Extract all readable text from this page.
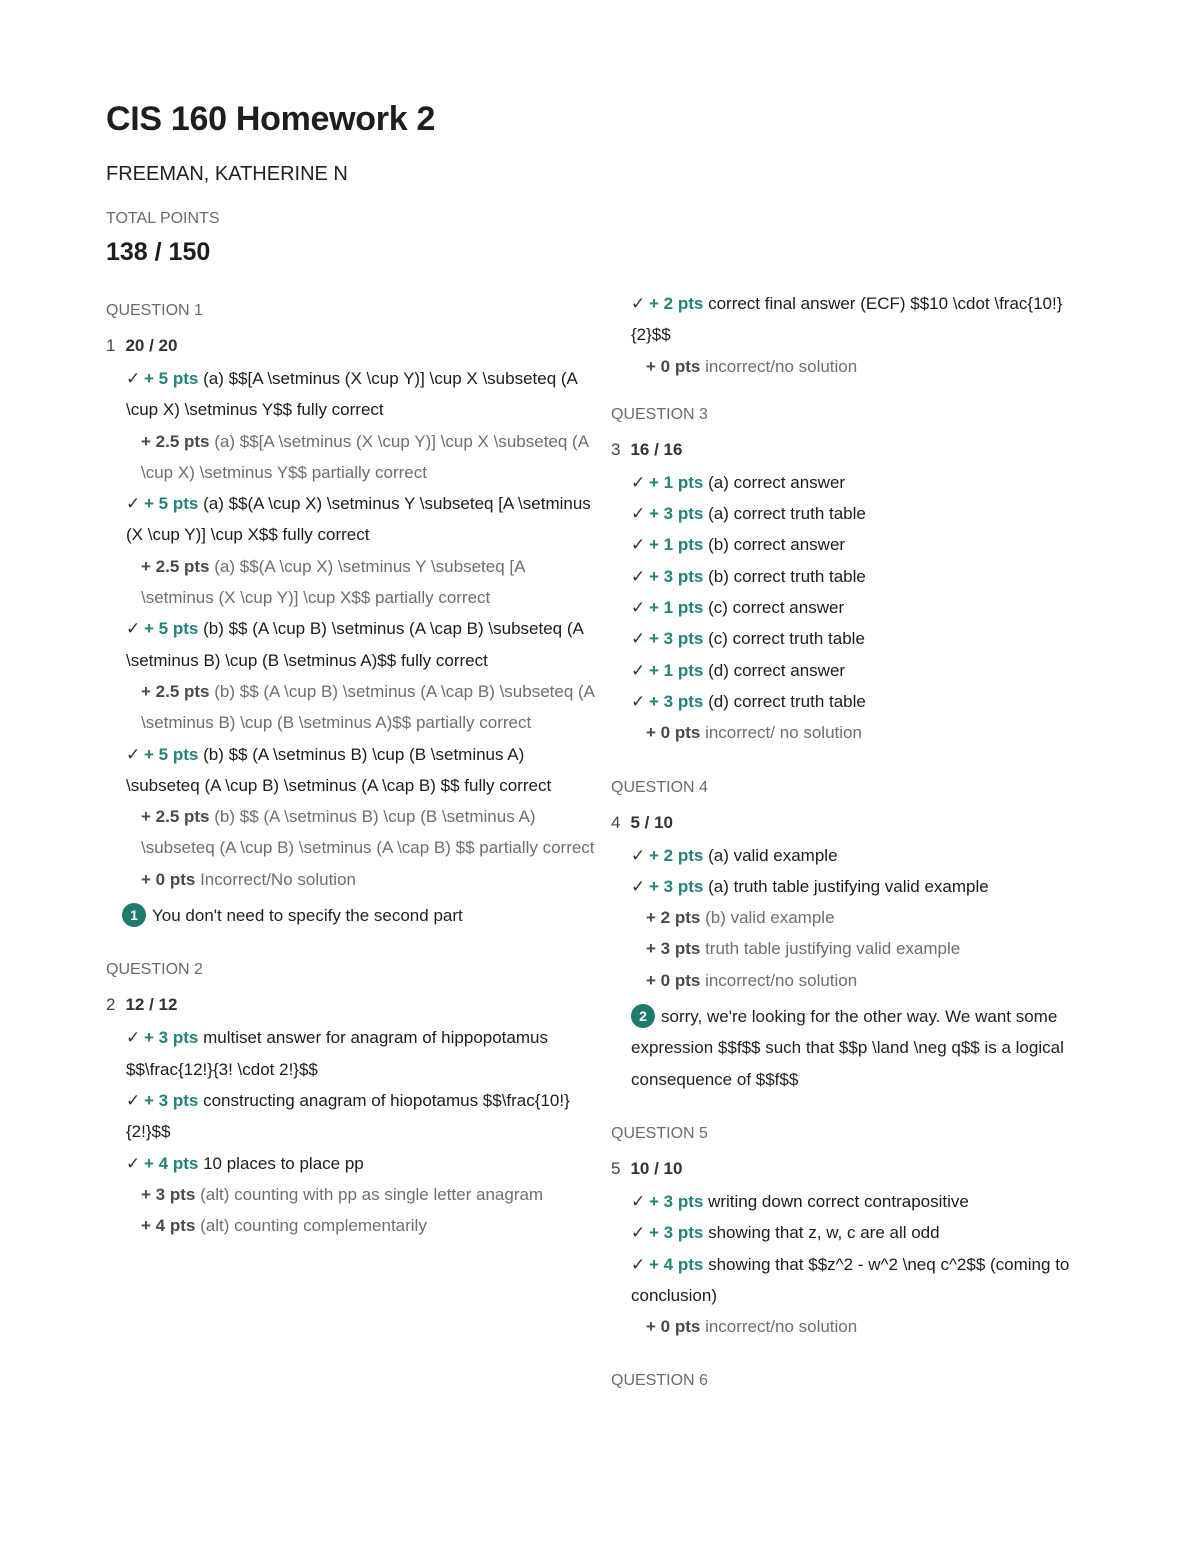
CIS 160 Homework 2
FREEMAN, KATHERINE N
TOTAL POINTS
138 / 150
QUESTION 1
1 20 / 20
✓ + 5 pts (a) $$[A \setminus (X \cup Y)] \cup X \subseteq (A \cup X) \setminus Y$$ fully correct
+ 2.5 pts (a) $$[A \setminus (X \cup Y)] \cup X \subseteq (A \cup X) \setminus Y$$ partially correct
✓ + 5 pts (a) $$(A \cup X) \setminus Y \subseteq [A \setminus (X \cup Y)] \cup X$$ fully correct
+ 2.5 pts (a) $$(A \cup X) \setminus Y \subseteq [A \setminus (X \cup Y)] \cup X$$ partially correct
✓ + 5 pts (b) $$ (A \cup B) \setminus (A \cap B) \subseteq (A \setminus B) \cup (B \setminus A)$$ fully correct
+ 2.5 pts (b) $$ (A \cup B) \setminus (A \cap B) \subseteq (A \setminus B) \cup (B \setminus A)$$ partially correct
✓ + 5 pts (b) $$ (A \setminus B) \cup (B \setminus A) \subseteq (A \cup B) \setminus (A \cap B) $$ fully correct
+ 2.5 pts (b) $$ (A \setminus B) \cup (B \setminus A) \subseteq (A \cup B) \setminus (A \cap B) $$ partially correct
+ 0 pts Incorrect/No solution
1 You don't need to specify the second part
QUESTION 2
2 12 / 12
✓ + 3 pts multiset answer for anagram of hippopotamus $$\frac{12!}{3! \cdot 2!}$$
✓ + 3 pts constructing anagram of hiopotamus $$\frac{10!}{2!}$$
✓ + 4 pts 10 places to place pp
+ 3 pts (alt) counting with pp as single letter anagram
+ 4 pts (alt) counting complementarily
✓ + 2 pts correct final answer (ECF) $$10 \cdot \frac{10!}{2}$$
+ 0 pts incorrect/no solution
QUESTION 3
3 16 / 16
✓ + 1 pts (a) correct answer
✓ + 3 pts (a) correct truth table
✓ + 1 pts (b) correct answer
✓ + 3 pts (b) correct truth table
✓ + 1 pts (c) correct answer
✓ + 3 pts (c) correct truth table
✓ + 1 pts (d) correct answer
✓ + 3 pts (d) correct truth table
+ 0 pts incorrect/ no solution
QUESTION 4
4 5 / 10
✓ + 2 pts (a) valid example
✓ + 3 pts (a) truth table justifying valid example
+ 2 pts (b) valid example
+ 3 pts truth table justifying valid example
+ 0 pts incorrect/no solution
2 sorry, we're looking for the other way. We want some expression $$f$$ such that $$p \land \neg q$$ is a logical consequence of $$f$$
QUESTION 5
5 10 / 10
✓ + 3 pts writing down correct contrapositive
✓ + 3 pts showing that z, w, c are all odd
✓ + 4 pts showing that $$z^2 - w^2 \neq c^2$$ (coming to conclusion)
+ 0 pts incorrect/no solution
QUESTION 6
